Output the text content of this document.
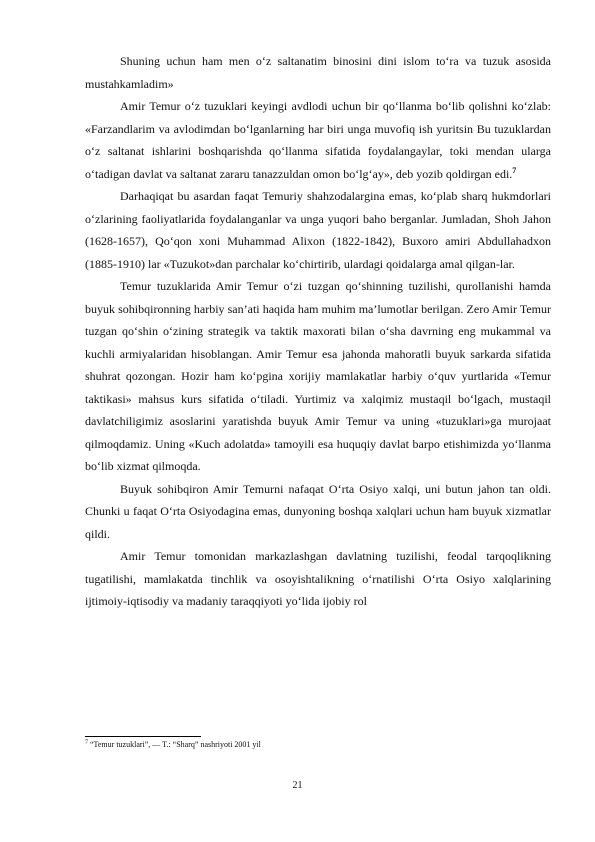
Shuning uchun ham men o‘z saltanatim binosini dini islom to‘ra va tuzuk asosida mustahkamladim»

Amir Temur o‘z tuzuklari keyingi avdlodi uchun bir qo‘llanma bo‘lib qolishni ko‘zlab: «Farzandlarim va avlodimdan bo‘lganlarning har biri unga muvofiq ish yuritsin Bu tuzuklardan o‘z saltanat ishlarini boshqarishda qo‘llanma sifatida foydalangaylar, toki mendan ularga o‘tadigan davlat va saltanat zararu tanazzuldan omon bo‘lg‘ay», deb yozib qoldirgan edi.$^7$

Darhaqiqat bu asardan faqat Temuriy shahzodalargina emas, ko‘plab sharq hukmdorlari o‘zlarining faoliyatlarida foydalanganlar va unga yuqori baho berganlar. Jumladan, Shoh Jahon (1628-1657), Qo‘qon xoni Muhammad Alixon (1822-1842), Buxoro amiri Abdullahadxon (1885-1910) lar «Tuzukot»dan parchalar ko‘chirtirib, ulardagi qoidalarga amal qilgan-lar.

Temur tuzuklarida Amir Temur o‘zi tuzgan qo‘shinning tuzilishi, qurollanishi hamda buyuk sohibqironning harbiy san’ati haqida ham muhim ma’lumotlar berilgan. Zero Amir Temur tuzgan qo‘shin o‘zining strategik va taktik maxorati bilan o‘sha davrning eng mukammal va kuchli armiyalaridan hisoblangan. Amir Temur esa jahonda mahoratli buyuk sarkarda sifatida shuhrat qozongan. Hozir ham ko‘pgina xorijiy mamlakatlar harbiy o‘quv yurtlarida «Temur taktikasi» mahsus kurs sifatida o‘tiladi. Yurtimiz va xalqimiz mustaqil bo‘lgach, mustaqil davlatchiligimiz asoslarini yaratishda buyuk Amir Temur va uning «tuzuklari»ga murojaat qilmoqdamiz. Uning «Kuch adolatda» tamoyili esa huquqiy davlat barpo etishimizda yo‘llanma bo‘lib xizmat qilmoqda.

Buyuk sohibqiron Amir Temurni nafaqat O‘rta Osiyo xalqi, uni butun jahon tan oldi. Chunki u faqat O‘rta Osiyodagina emas, dunyoning boshqa xalqlari uchun ham buyuk xizmatlar qildi.

Amir Temur tomonidan markazlashgan davlatning tuzilishi, feodal tarqoqlikning tugatilishi, mamlakatda tinchlik va osoyishtalikning o‘rnatilishi O‘rta Osiyo xalqlarining ijtimoiy-iqtisodiy va madaniy taraqqiyoti yo‘lida ijobiy rol

$^7$ “Temur tuzuklari”, — T.: “Sharq” nashriyoti 2001 yil
21
